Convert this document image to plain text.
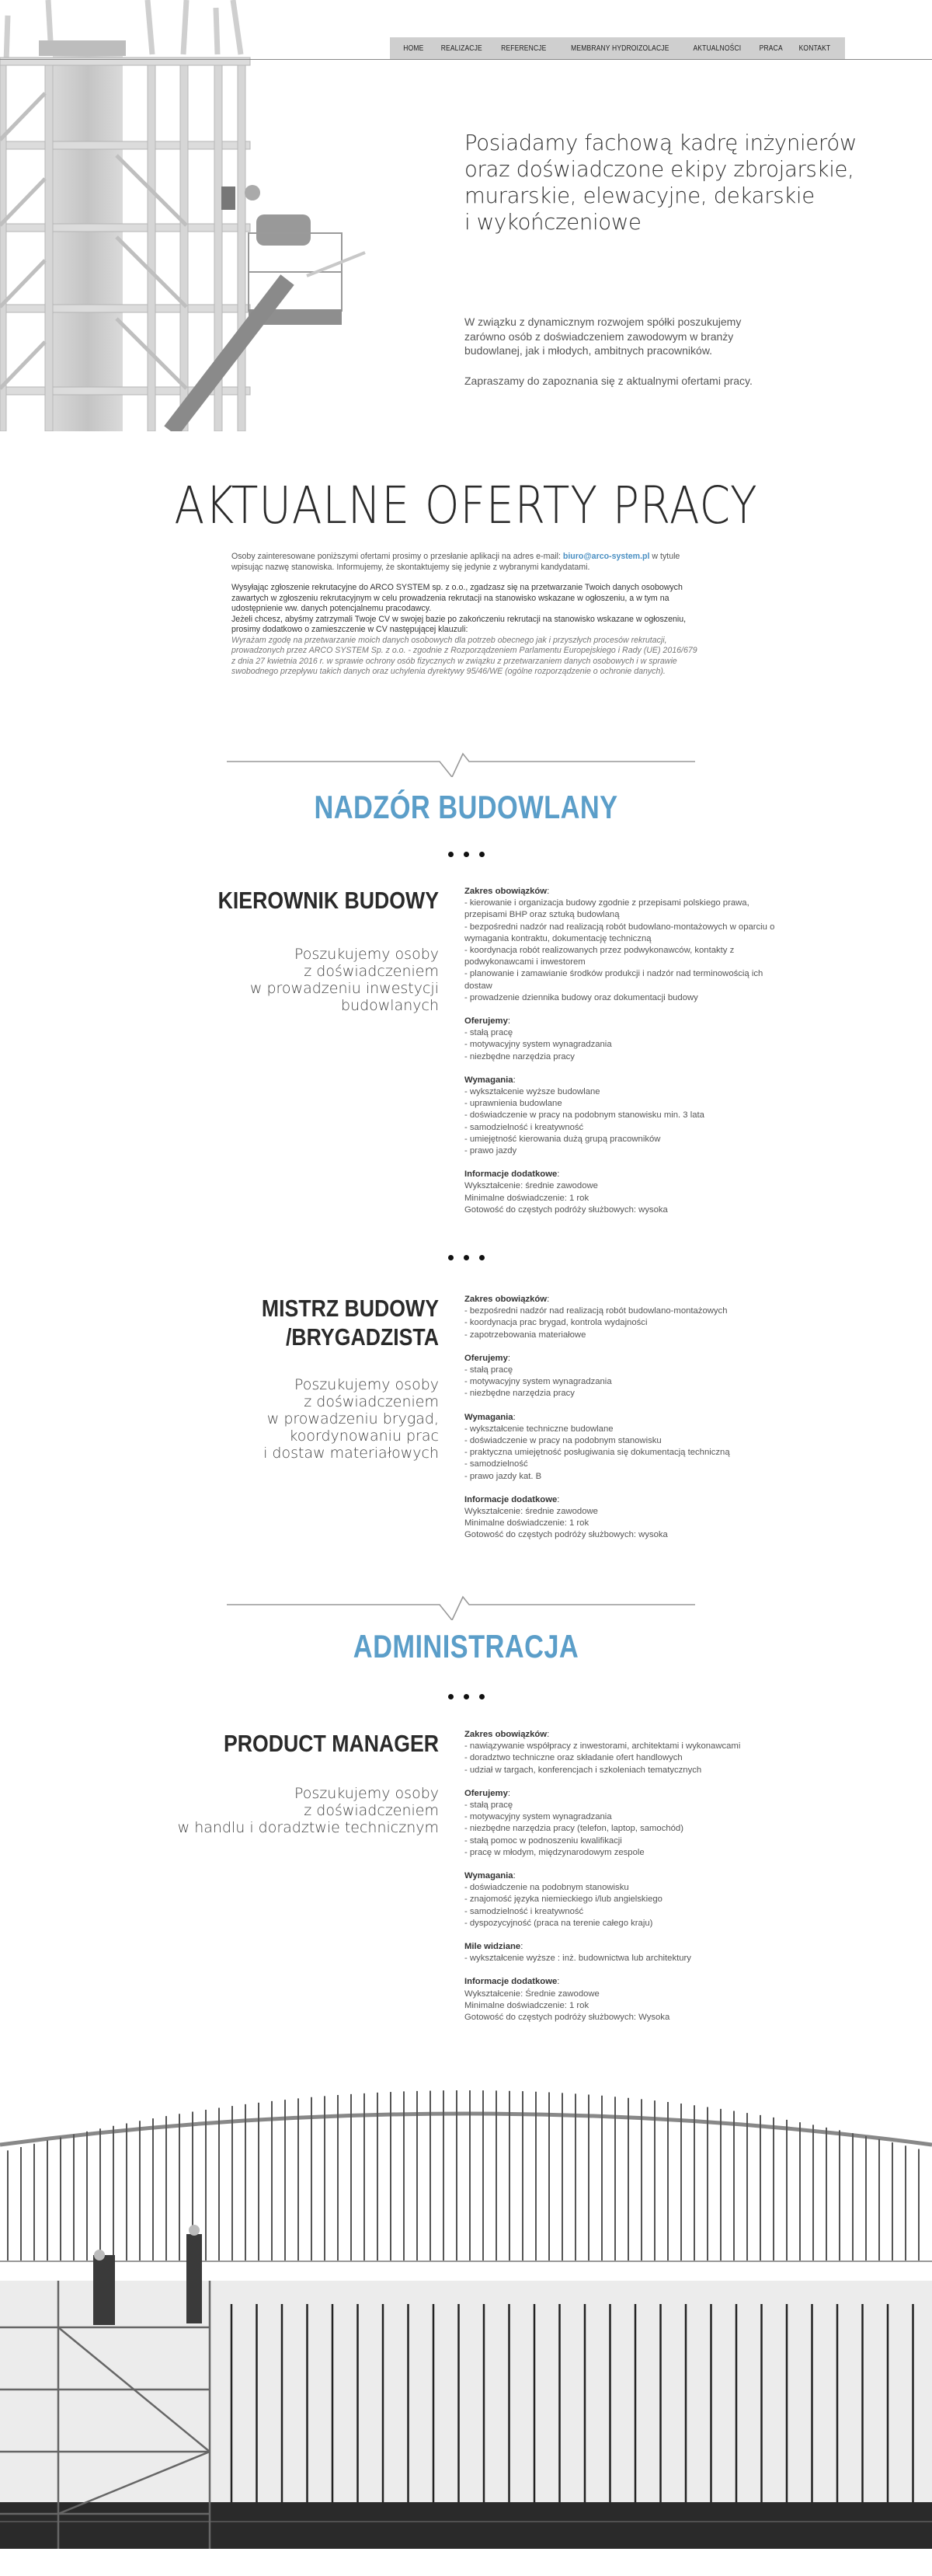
HOME REALIZACJE REFERENCJE	MEMBRANY HYDROIZOLACJE	AKTUALNOŚCI PRACA KONTAKT
Posiadamy fachową kadrę inżynierów
oraz doświadczone ekipy zbrojarskie,
murarskie, elewacyjne, dekarskie
i wykończeniowe
W związku z dynamicznym rozwojem spółki poszukujemy
zarówno osób z doświadczeniem zawodowym w branży
budowlanej, jak i młodych, ambitnych pracowników.

Zapraszamy do zapoznania się z aktualnymi ofertami pracy.

AKTUALNE OFERTY PRACY

Osoby zainteresowane poniższymi ofertami prosimy o przesłanie aplikacji na adres e-mail: biuro@arco-system.pl w tytule wpisując nazwę stanowiska. Informujemy, że skontaktujemy się jedynie z wybranymi kandydatami.

Wysyłając zgłoszenie rekrutacyjne do ARCO SYSTEM sp. z o.o., zgadzasz się na przetwarzanie Twoich danych osobowych zawartych w zgłoszeniu rekrutacyjnym w celu prowadzenia rekrutacji na stanowisko wskazane w ogłoszeniu, a w tym na udostępnienie ww. danych potencjalnemu pracodawcy.
Jeżeli chcesz, abyśmy zatrzymali Twoje CV w swojej bazie po zakończeniu rekrutacji na stanowisko wskazane w ogłoszeniu, prosimy dodatkowo o zamieszczenie w CV następującej klauzuli:
Wyrażam zgodę na przetwarzanie moich danych osobowych dla potrzeb obecnego jak i przyszłych procesów rekrutacji, prowadzonych przez ARCO SYSTEM Sp. z o.o. - zgodnie z Rozporządzeniem Parlamentu Europejskiego i Rady (UE) 2016/679 z dnia 27 kwietnia 2016 r. w sprawie ochrony osób fizycznych w związku z przetwarzaniem danych osobowych i w sprawie swobodnego przepływu takich danych oraz uchylenia dyrektywy 95/46/WE (ogólne rozporządzenie o ochronie danych).

NADZÓR BUDOWLANY
KIEROWNIK BUDOWY
Poszukujemy osoby
z doświadczeniem
w prowadzeniu inwestycji
budowlanych
Zakres obowiązków :
- kierowanie i organizacja budowy zgodnie z przepisami polskiego prawa, przepisami BHP oraz sztuką budowlaną
- bezpośredni nadzór nad realizacją robót budowlano-montażowych w oparciu o wymagania kontraktu, dokumentację techniczną
- koordynacja robót realizowanych przez podwykonawców, kontakty z podwykonawcami i inwestorem
- planowanie i zamawianie środków produkcji i nadzór nad terminowością ich dostaw
- prowadzenie dziennika budowy oraz dokumentacji budowy
Oferujemy :
- stałą pracę
- motywacyjny system wynagradzania
- niezbędne narzędzia pracy
Wymagania :
- wykształcenie wyższe budowlane
- uprawnienia budowlane
- doświadczenie w pracy na podobnym stanowisku min. 3 lata
- samodzielność i kreatywność
- umiejętność kierowania dużą grupą pracowników
- prawo jazdy
Informacje dodatkowe :
Wykształcenie: średnie zawodowe
Minimalne doświadczenie: 1 rok
Gotowość do częstych podróży służbowych: wysoka
MISTRZ BUDOWY
/BRYGADZISTA
Poszukujemy osoby
z doświadczeniem
w prowadzeniu brygad,
koordynowaniu prac
i dostaw materiałowych
Zakres obowiązków :
- bezpośredni nadzór nad realizacją robót budowlano-montażowych
- koordynacja prac brygad, kontrola wydajności
- zapotrzebowania materiałowe
Oferujemy :
- stałą pracę
- motywacyjny system wynagradzania
- niezbędne narzędzia pracy
Wymagania :
- wykształcenie techniczne budowlane
- doświadczenie w pracy na podobnym stanowisku
- praktyczna umiejętność posługiwania się dokumentacją techniczną
- samodzielność
- prawo jazdy kat. B
Informacje dodatkowe :
Wykształcenie: średnie zawodowe
Minimalne doświadczenie: 1 rok
Gotowość do częstych podróży służbowych: wysoka
ADMINISTRACJA
PRODUCT MANAGER
Poszukujemy osoby
z doświadczeniem
w handlu i doradztwie technicznym
Zakres obowiązków :
- nawiązywanie współpracy z inwestorami, architektami i wykonawcami
- doradztwo techniczne oraz składanie ofert handlowych
- udział w targach, konferencjach i szkoleniach tematycznych
Oferujemy :
- stałą pracę
- motywacyjny system wynagradzania
- niezbędne narzędzia pracy (telefon, laptop, samochód)
- stałą pomoc w podnoszeniu kwalifikacji
- pracę w młodym, międzynarodowym zespole
Wymagania :
- doświadczenie na podobnym stanowisku
- znajomość języka niemieckiego i/lub angielskiego
- samodzielność i kreatywność
- dyspozycyjność (praca na terenie całego kraju)
Mile widziane :
- wykształcenie wyższe : inż. budownictwa lub architektury
Informacje dodatkowe :
Wykształcenie: Średnie zawodowe
Minimalne doświadczenie: 1 rok
Gotowość do częstych podróży służbowych: Wysoka
